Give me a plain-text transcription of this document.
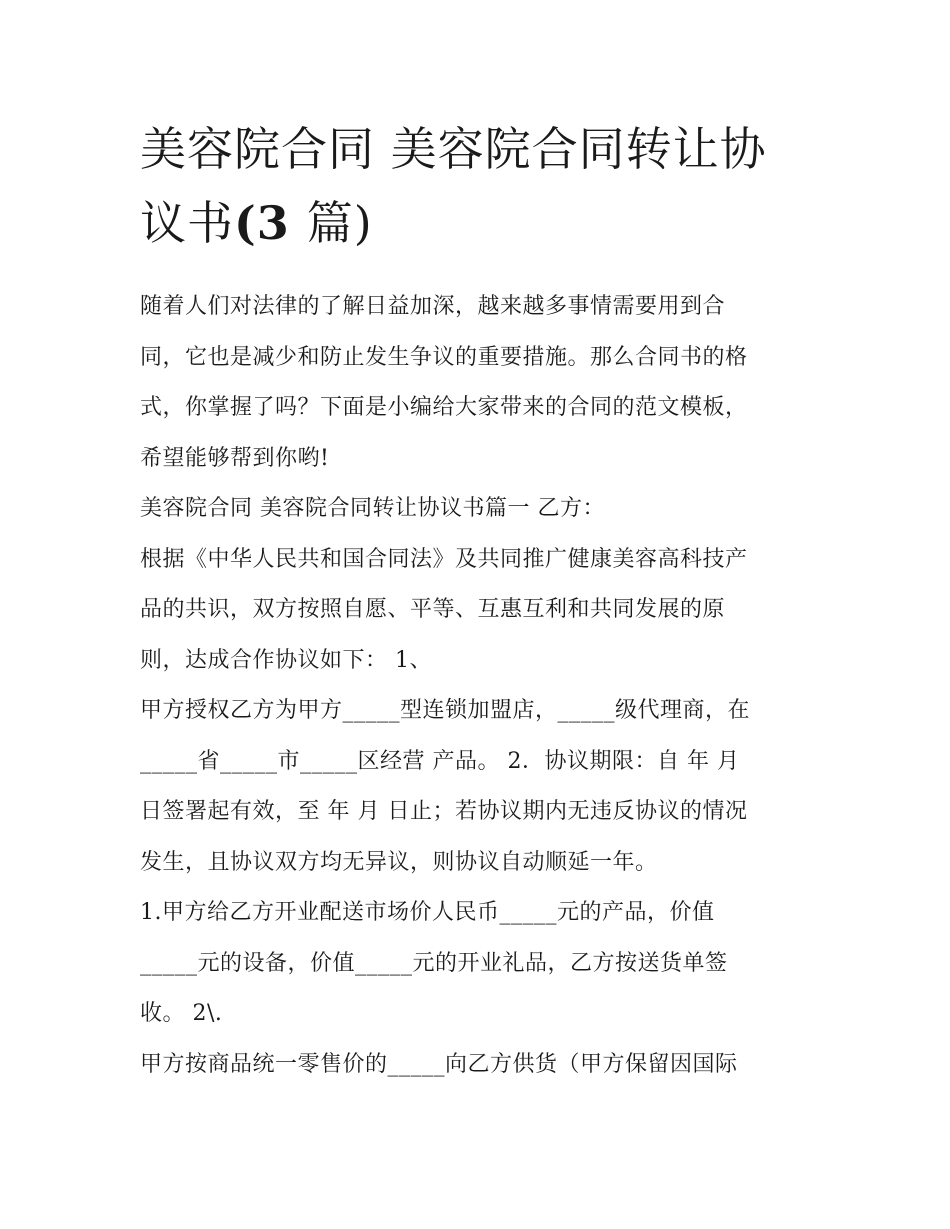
美容院合同 美容院合同转让协
议书(3 篇)
随着人们对法律的了解日益加深，越来越多事情需要用到合
同，它也是减少和防止发生争议的重要措施。那么合同书的格
式，你掌握了吗？下面是小编给大家带来的合同的范文模板，
希望能够帮到你哟!
美容院合同 美容院合同转让协议书篇一 乙方：
根据《中华人民共和国合同法》及共同推广健康美容高科技产
品的共识，双方按照自愿、平等、互惠互利和共同发展的原
则，达成合作协议如下： 1、
甲方授权乙方为甲方_____型连锁加盟店，_____级代理商，在
_____省_____市_____区经营 产品。 2．协议期限：自 年 月
日签署起有效，至 年 月 日止；若协议期内无违反协议的情况
发生，且协议双方均无异议，则协议自动顺延一年。
1.甲方给乙方开业配送市场价人民币_____元的产品，价值
_____元的设备，价值_____元的开业礼品，乙方按送货单签
收。 2\.
甲方按商品统一零售价的_____向乙方供货（甲方保留因国际
